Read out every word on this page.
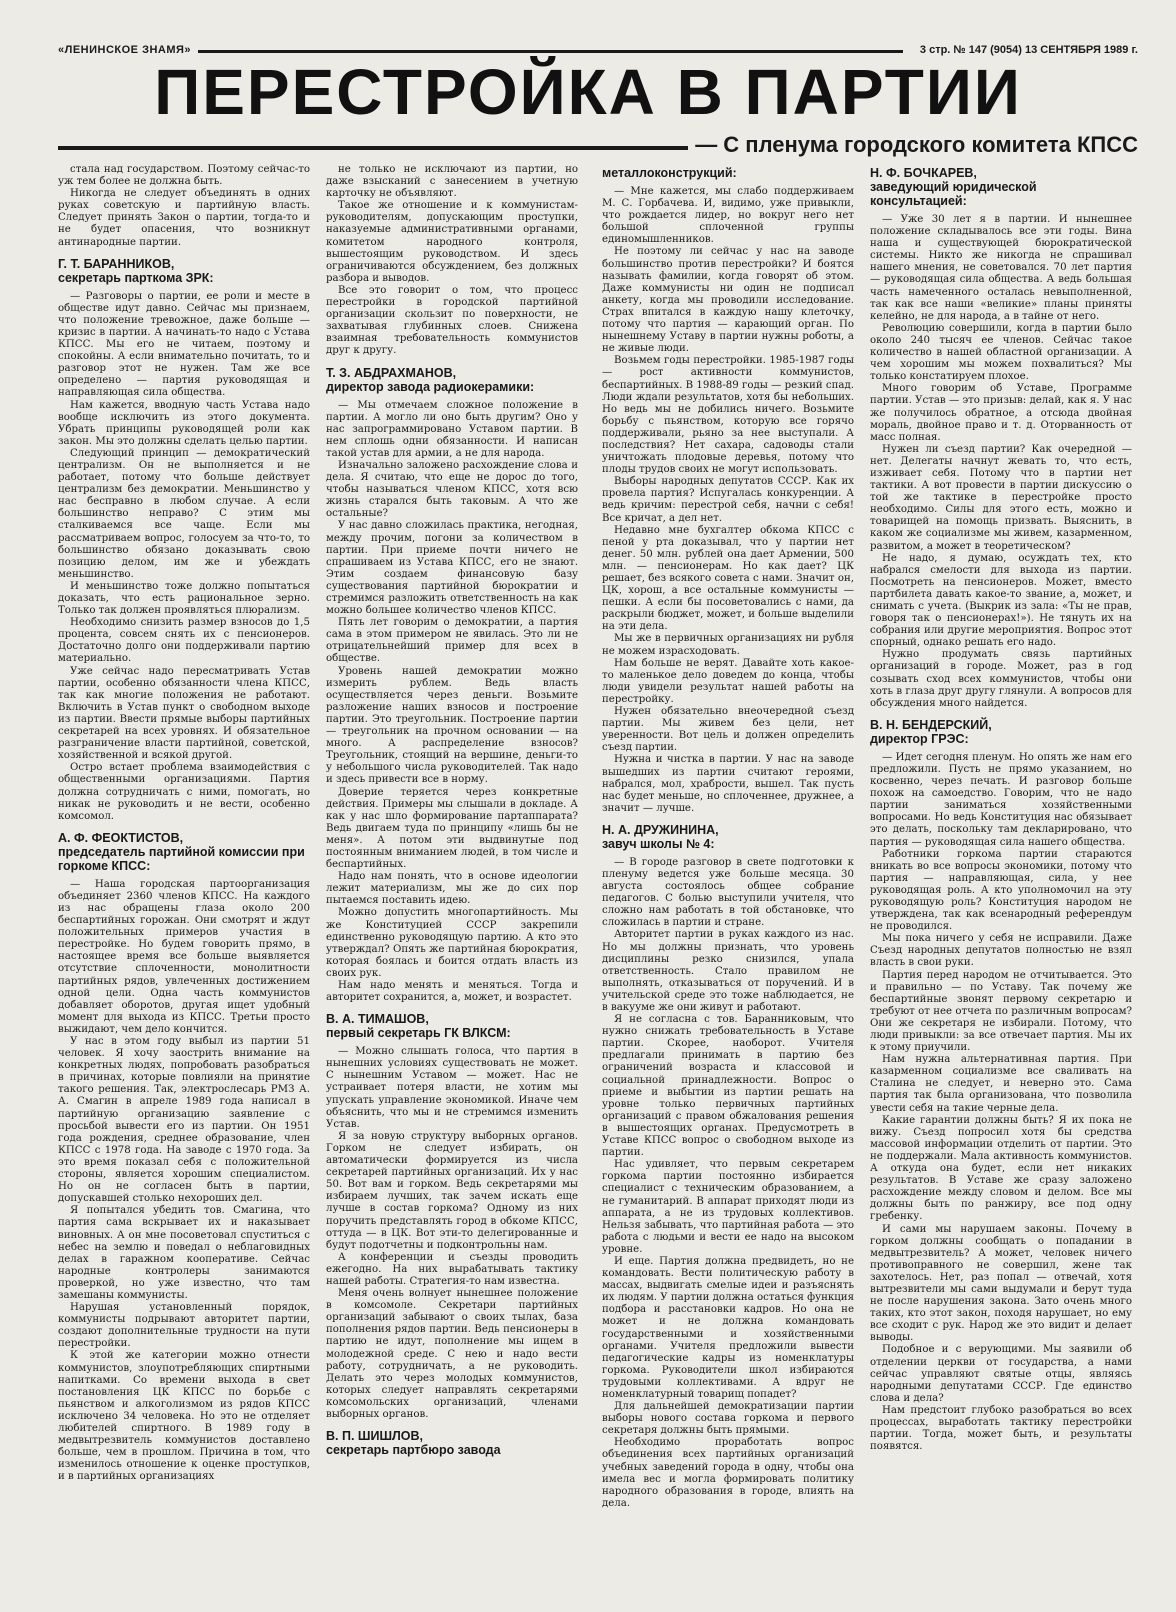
«ЛЕНИНСКОЕ ЗНАМЯ»	3 стр. № 147 (9054) 13 СЕНТЯБРЯ 1989 г.
ПЕРЕСТРОЙКА В ПАРТИИ
— С пленума городского комитета КПСС

стала над государством. Поэтому сейчас-то уж тем более не должна быть.

Никогда не следует объединять в одних руках советскую и партийную власть. Следует принять Закон о партии, тогда-то и не будет опасения, что возникнут антинародные партии.

Г. Т. БАРАННИКОВ,
секретарь парткома ЗРК:

— Разговоры о партии, ее роли и месте в обществе идут давно. Сейчас мы признаем, что положение тревожное, даже больше — кризис в партии. А начинать-то надо с Устава КПСС. Мы его не читаем, поэтому и спокойны. А если внимательно почитать, то и разговор этот не нужен. Там же все определено — партия руководящая и направляющая сила общества.

Нам кажется, вводную часть Устава надо вообще исключить из этого документа. Убрать принципы руководящей роли как закон. Мы это должны сделать целью партии.

Следующий принцип — демократический централизм. Он не выполняется и не работает, потому что больше действует централизм без демократии. Меньшинство у нас бесправно в любом случае. А если большинство неправо? С этим мы сталкиваемся все чаще. Если мы рассматриваем вопрос, голосуем за что-то, то большинство обязано доказывать свою позицию делом, им же и убеждать меньшинство.

И меньшинство тоже должно попытаться доказать, что есть рациональное зерно. Только так должен проявляться плюрализм.

Необходимо снизить размер взносов до 1,5 процента, совсем снять их с пенсионеров. Достаточно долго они поддерживали партию материально.

Уже сейчас надо пересматривать Устав партии, особенно обязанности члена КПСС, так как многие положения не работают. Включить в Устав пункт о свободном выходе из партии. Ввести прямые выборы партийных секретарей на всех уровнях. И обязательное разграничение власти партийной, советской, хозяйственной и всякой другой.

Остро встает проблема взаимодействия с общественными организациями. Партия должна сотрудничать с ними, помогать, но никак не руководить и не вести, особенно комсомол.

А. Ф. ФЕОКТИСТОВ,
председатель партийной комиссии при горкоме КПСС:

— Наша городская партоорганизация объединяет 2360 членов КПСС. На каждого из нас обращены глаза около 200 беспартийных горожан. Они смотрят и ждут положительных примеров участия в перестройке. Но будем говорить прямо, в настоящее время все больше выявляется отсутствие сплоченности, монолитности партийных рядов, увлеченных достижением одной цели. Одна часть коммунистов добавляет оборотов, другая ищет удобный момент для выхода из КПСС. Третьи просто выжидают, чем дело кончится.

У нас в этом году выбыл из партии 51 человек. Я хочу заострить внимание на конкретных людях, попробовать разобраться в причинах, которые повлияли на принятие такого решения. Так, электрослесарь РМЗ А. А. Смагин в апреле 1989 года написал в партийную организацию заявление с просьбой вывести его из партии. Он 1951 года рождения, среднее образование, член КПСС с 1978 года. На заводе с 1970 года. За это время показал себя с положительной стороны, является хорошим специалистом. Но он не согласен быть в партии, допускавшей столько нехороших дел.

Я попытался убедить тов. Смагина, что партия сама вскрывает их и наказывает виновных. А он мне посоветовал спуститься с небес на землю и поведал о неблаговидных делах в гаражном кооперативе. Сейчас народные контролеры занимаются проверкой, но уже известно, что там замешаны коммунисты.

Нарушая установленный порядок, коммунисты подрывают авторитет партии, создают дополнительные трудности на пути перестройки.

К этой же категории можно отнести коммунистов, злоупотребляющих спиртными напитками. Со времени выхода в свет постановления ЦК КПСС по борьбе с пьянством и алкоголизмом из рядов КПСС исключено 34 человека. Но это не отделяет любителей спиртного. В 1989 году в медвытрезвитель коммунистов доставлено больше, чем в прошлом. Причина в том, что изменилось отношение к оценке проступков, и в партийных организациях

не только не исключают из партии, но даже взысканий с занесением в учетную карточку не объявляют.

Такое же отношение и к коммунистам-руководителям, допускающим проступки, наказуемые административными органами, комитетом народного контроля, вышестоящим руководством. И здесь ограничиваются обсуждением, без должных разбора и выводов.

Все это говорит о том, что процесс перестройки в городской партийной организации скользит по поверхности, не захватывая глубинных слоев. Снижена взаимная требовательность коммунистов друг к другу.

Т. З. АБДРАХМАНОВ,
директор завода радиокерамики:

— Мы отмечаем сложное положение в партии. А могло ли оно быть другим? Оно у нас запрограммировано Уставом партии. В нем сплошь одни обязанности. И написан такой устав для армии, а не для народа.

Изначально заложено расхождение слова и дела. Я считаю, что еще не дорос до того, чтобы называться членом КПСС, хотя всю жизнь старался быть таковым. А что же остальные?

У нас давно сложилась практика, негодная, между прочим, погони за количеством в партии. При приеме почти ничего не спрашиваем из Устава КПСС, его не знают. Этим создаем финансовую базу существования партийной бюрократии и стремимся разложить ответственность на как можно большее количество членов КПСС.

Пять лет говорим о демократии, а партия сама в этом примером не явилась. Это ли не отрицательнейший пример для всех в обществе.

Уровень нашей демократии можно измерить рублем. Ведь власть осуществляется через деньги. Возьмите разложение наших взносов и построение партии. Это треугольник. Построение партии — треугольник на прочном основании — на много. А распределение взносов? Треугольник, стоящий на вершине, деньги-то у небольшого числа руководителей. Так надо и здесь привести все в норму.

Доверие теряется через конкретные действия. Примеры мы слышали в докладе. А как у нас шло формирование партаппарата? Ведь двигаем туда по принципу «лишь бы не меня». А потом эти выдвинутые под постоянным вниманием людей, в том числе и беспартийных.

Надо нам понять, что в основе идеологии лежит материализм, мы же до сих пор пытаемся поставить идею.

Можно допустить многопартийность. Мы же Конституцией СССР закрепили единственно руководящую партию. А кто это утверждал? Опять же партийная бюрократия, которая боялась и боится отдать власть из своих рук.

Нам надо менять и меняться. Тогда и авторитет сохранится, а, может, и возрастет.

В. А. ТИМАШОВ,
первый секретарь ГК ВЛКСМ:

— Можно слышать голоса, что партия в нынешних условиях существовать не может. С нынешним Уставом — может. Нас не устраивает потеря власти, не хотим мы упускать управление экономикой. Иначе чем объяснить, что мы и не стремимся изменить Устав.

Я за новую структуру выборных органов. Горком не следует избирать, он автоматически формируется из числа секретарей партийных организаций. Их у нас 50. Вот вам и горком. Ведь секретарями мы избираем лучших, так зачем искать еще лучше в состав горкома? Одному из них поручить представлять город в обкоме КПСС, оттуда — в ЦК. Вот эти-то делегированные и будут подотчетны и подконтрольны нам.

А конференции и съезды проводить ежегодно. На них вырабатывать тактику нашей работы. Стратегия-то нам известна.

Меня очень волнует нынешнее положение в комсомоле. Секретари партийных организаций забывают о своих тылах, база пополнения рядов партии. Ведь пенсионеры в партию не идут, пополнение мы ищем в молодежной среде. С нею и надо вести работу, сотрудничать, а не руководить. Делать это через молодых коммунистов, которых следует направлять секретарями комсомольских организаций, членами выборных органов.

В. П. ШИШЛОВ,
секретарь партбюро завода
металлоконструкций:

— Мне кажется, мы слабо поддерживаем М. С. Горбачева. И, видимо, уже привыкли, что рождается лидер, но вокруг него нет большой сплоченной группы единомышленников.

Не поэтому ли сейчас у нас на заводе большинство против перестройки? И боятся называть фамилии, когда говорят об этом. Даже коммунисты ни один не подписал анкету, когда мы проводили исследование. Страх впитался в каждую нашу клеточку, потому что партия — карающий орган. По нынешнему Уставу в партии нужны роботы, а не живые люди.

Возьмем годы перестройки. 1985-1987 годы — рост активности коммунистов, беспартийных. В 1988-89 годы — резкий спад. Люди ждали результатов, хотя бы небольших. Но ведь мы не добились ничего. Возьмите борьбу с пьянством, которую все горячо поддерживали, рьяно за нее выступали. А последствия? Нет сахара, садоводы стали уничтожать плодовые деревья, потому что плоды трудов своих не могут использовать.

Выборы народных депутатов СССР. Как их провела партия? Испугалась конкуренции. А ведь кричим: перестрой себя, начни с себя! Все кричат, а дел нет.

Недавно мне бухгалтер обкома КПСС с пеной у рта доказывал, что у партии нет денег. 50 млн. рублей она дает Армении, 500 млн. — пенсионерам. Но как дает? ЦК решает, без всякого совета с нами. Значит он, ЦК, хорош, а все остальные коммунисты — пешки. А если бы посоветовались с нами, да раскрыли бюджет, может, и больше выделили на эти дела.

Мы же в первичных организациях ни рубля не можем израсходовать.

Нам больше не верят. Давайте хоть какое-то маленькое дело доведем до конца, чтобы люди увидели результат нашей работы на перестройку.

Нужен обязательно внеочередной съезд партии. Мы живем без цели, нет уверенности. Вот цель и должен определить съезд партии.

Нужна и чистка в партии. У нас на заводе вышедших из партии считают героями, набрался, мол, храбрости, вышел. Так пусть нас будет меньше, но сплоченнее, дружнее, а значит — лучше.

Н. А. ДРУЖИНИНА,
завуч школы № 4:

— В городе разговор в свете подготовки к пленуму ведется уже больше месяца. 30 августа состоялось общее собрание педагогов. С болью выступили учителя, что сложно нам работать в той обстановке, что сложилась в партии и стране.

Авторитет партии в руках каждого из нас. Но мы должны признать, что уровень дисциплины резко снизился, упала ответственность. Стало правилом не выполнять, отказываться от поручений. И в учительской среде это тоже наблюдается, не в вакууме же они живут и работают.

Я не согласна с тов. Баранниковым, что нужно снижать требовательность в Уставе партии. Скорее, наоборот. Учителя предлагали принимать в партию без ограничений возраста и классовой и социальной принадлежности. Вопрос о приеме и выбытии из партии решать на уровне только первичных партийных организаций с правом обжалования решения в вышестоящих органах. Предусмотреть в Уставе КПСС вопрос о свободном выходе из партии.

Нас удивляет, что первым секретарем горкома партии постоянно избирается специалист с техническим образованием, а не гуманитарий. В аппарат приходят люди из аппарата, а не из трудовых коллективов. Нельзя забывать, что партийная работа — это работа с людьми и вести ее надо на высоком уровне.

И еще. Партия должна предвидеть, но не командовать. Вести политическую работу в массах, выдвигать смелые идеи и разъяснять их людям. У партии должна остаться функция подбора и расстановки кадров. Но она не может и не должна командовать государственными и хозяйственными органами. Учителя предложили вывести педагогические кадры из номенклатуры горкома. Руководители школ избираются трудовыми коллективами. А вдруг не номенклатурный товарищ попадет?

Для дальнейшей демократизации партии выборы нового состава горкома и первого секретаря должны быть прямыми.

Необходимо проработать вопрос объединения всех партийных организаций учебных заведений города в одну, чтобы она имела вес и могла формировать политику народного образования в городе, влиять на дела.

Н. Ф. БОЧКАРЕВ,
заведующий юридической консультацией:

— Уже 30 лет я в партии. И нынешнее положение складывалось все эти годы. Вина наша и существующей бюрократической системы. Никто же никогда не спрашивал нашего мнения, не советовался. 70 лет партия — руководящая сила общества. А ведь большая часть намеченного осталась невыполненной, так как все наши «великие» планы приняты келейно, не для народа, а в тайне от него.

Революцию совершили, когда в партии было около 240 тысяч ее членов. Сейчас такое количество в нашей областной организации. А чем хорошим мы можем похвалиться? Мы только констатируем плохое.

Много говорим об Уставе, Программе партии. Устав — это призыв: делай, как я. У нас же получилось обратное, а отсюда двойная мораль, двойное право и т. д. Оторванность от масс полная.

Нужен ли съезд партии? Как очередной — нет. Делегаты начнут жевать то, что есть, изживает себя. Потому что в партии нет тактики. А вот провести в партии дискуссию о той же тактике в перестройке просто необходимо. Силы для этого есть, можно и товарищей на помощь призвать. Выяснить, в каком же социализме мы живем, казарменном, развитом, а может в теоретическом?

Не надо, я думаю, осуждать тех, кто набрался смелости для выхода из партии. Посмотреть на пенсионеров. Может, вместо партбилета давать какое-то звание, а, может, и снимать с учета. (Выкрик из зала: «Ты не прав, говоря так о пенсионерах!»). Не тянуть их на собрания или другие мероприятия. Вопрос этот спорный, однако решать его надо.

Нужно продумать связь партийных организаций в городе. Может, раз в год созывать сход всех коммунистов, чтобы они хоть в глаза друг другу глянули. А вопросов для обсуждения много найдется.

В. Н. БЕНДЕРСКИЙ,
директор ГРЭС:

— Идет сегодня пленум. Но опять же нам его предложили. Пусть не прямо указанием, но косвенно, через печать. И разговор больше похож на самоедство. Говорим, что не надо партии заниматься хозяйственными вопросами. Но ведь Конституция нас обязывает это делать, поскольку там декларировано, что партия — руководящая сила нашего общества.

Работники горкома партии стараются вникать во все вопросы экономики, потому что партия — направляющая, сила, у нее руководящая роль. А кто уполномочил на эту руководящую роль? Конституция народом не утверждена, так как всенародный референдум не проводился.

Мы пока ничего у себя не исправили. Даже Съезд народных депутатов полностью не взял власть в свои руки.

Партия перед народом не отчитывается. Это и правильно — по Уставу. Так почему же беспартийные звонят первому секретарю и требуют от нее отчета по различным вопросам? Они же секретаря не избирали. Потому, что люди привыкли: за все отвечает партия. Мы их к этому приучили.

Нам нужна альтернативная партия. При казарменном социализме все сваливать на Сталина не следует, и неверно это. Сама партия так была организована, что позволила увести себя на такие черные дела.

Какие гарантии должны быть? Я их пока не вижу. Съезд попросил хотя бы средства массовой информации отделить от партии. Это не поддержали. Мала активность коммунистов. А откуда она будет, если нет никаких результатов. В Уставе же сразу заложено расхождение между словом и делом. Все мы должны быть по ранжиру, все под одну гребенку.

И сами мы нарушаем законы. Почему в горком должны сообщать о попадании в медвытрезвитель? А может, человек ничего противоправного не совершил, жене так захотелось. Нет, раз попал — отвечай, хотя вытрезвители мы сами выдумали и берут туда не после нарушения закона. Зато очень много таких, кто этот закон, походя нарушает, но ему все сходит с рук. Народ же это видит и делает выводы.

Подобное и с верующими. Мы заявили об отделении церкви от государства, а нами сейчас управляют святые отцы, являясь народными депутатами СССР. Где единство слова и дела?

Нам предстоит глубоко разобраться во всех процессах, выработать тактику перестройки партии. Тогда, может быть, и результаты появятся.
